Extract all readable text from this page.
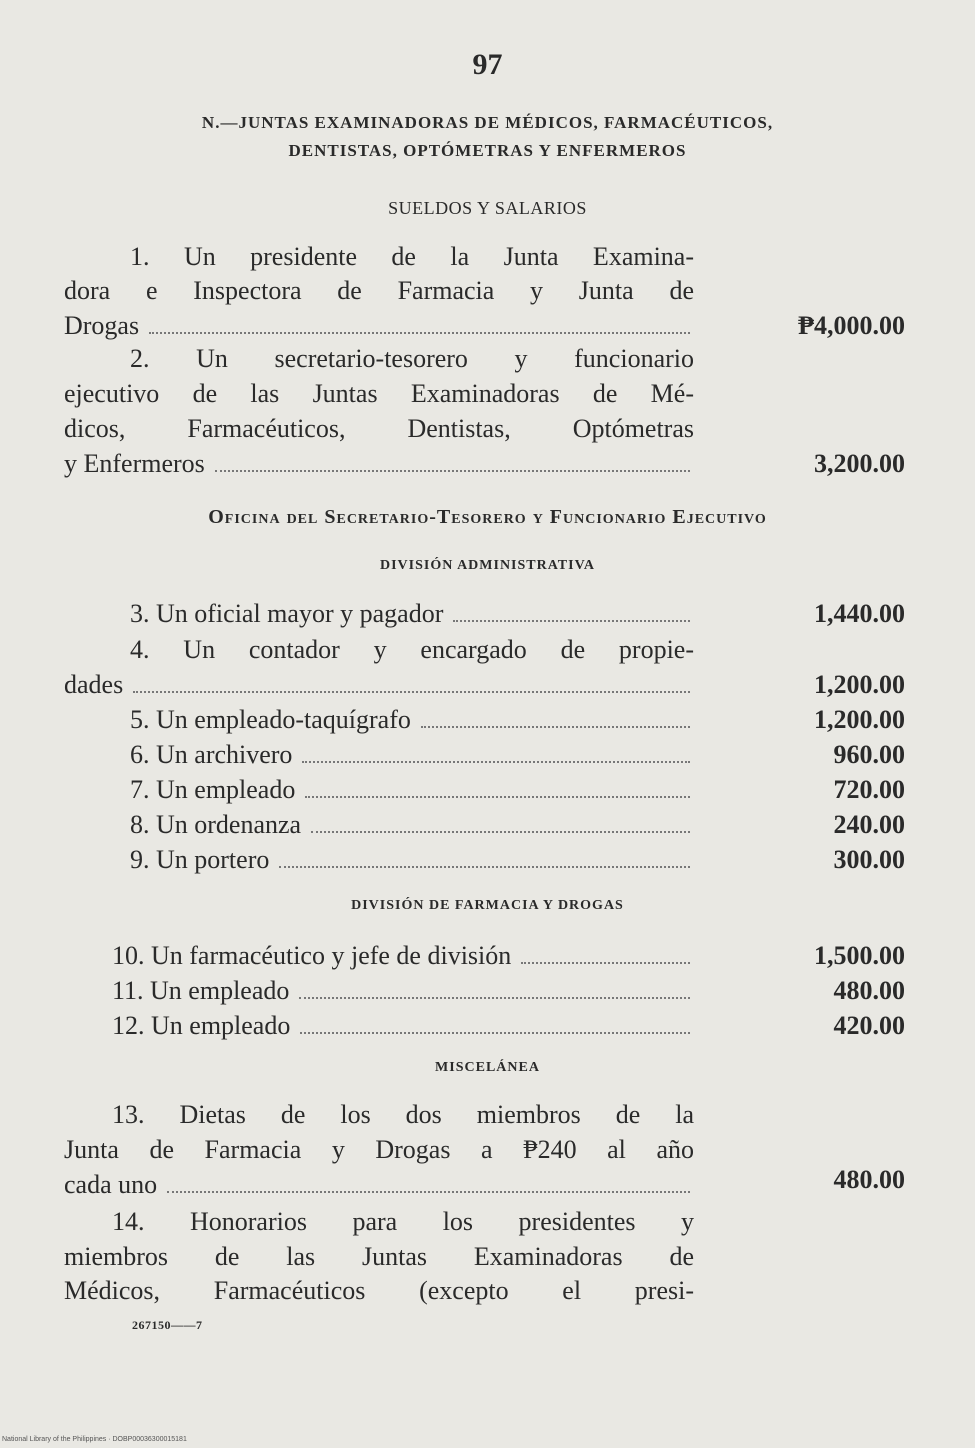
97
N.—JUNTAS EXAMINADORAS DE MÉDICOS, FARMACÉUTICOS,
DENTISTAS, OPTÓMETRAS Y ENFERMEROS
SUELDOS Y SALARIOS
1. Un presidente de la Junta Examina-
dora e Inspectora de Farmacia y Junta de
Drogas	₱4,000.00
2. Un secretario-tesorero y funcionario
ejecutivo de las Juntas Examinadoras de Mé-
dicos, Farmacéuticos, Dentistas, Optómetras
y Enfermeros	3,200.00
Oficina del Secretario-Tesorero y Funcionario Ejecutivo
DIVISIÓN ADMINISTRATIVA
3. Un oficial mayor y pagador	1,440.00
4. Un contador y encargado de propie-
dades	1,200.00
5. Un empleado-taquígrafo	1,200.00
6. Un archivero	960.00
7. Un empleado	720.00
8. Un ordenanza	240.00
9. Un portero	300.00
DIVISIÓN DE FARMACIA Y DROGAS
10. Un farmacéutico y jefe de división	1,500.00
11. Un empleado	480.00
12. Un empleado	420.00
MISCELÁNEA
13. Dietas de los dos miembros de la
Junta de Farmacia y Drogas a ₱240 al año
cada uno	480.00
14. Honorarios para los presidentes y
miembros de las Juntas Examinadoras de
Médicos, Farmacéuticos (excepto el presi-
267150——7
National Library of the Philippines · DOBP00036300015181
